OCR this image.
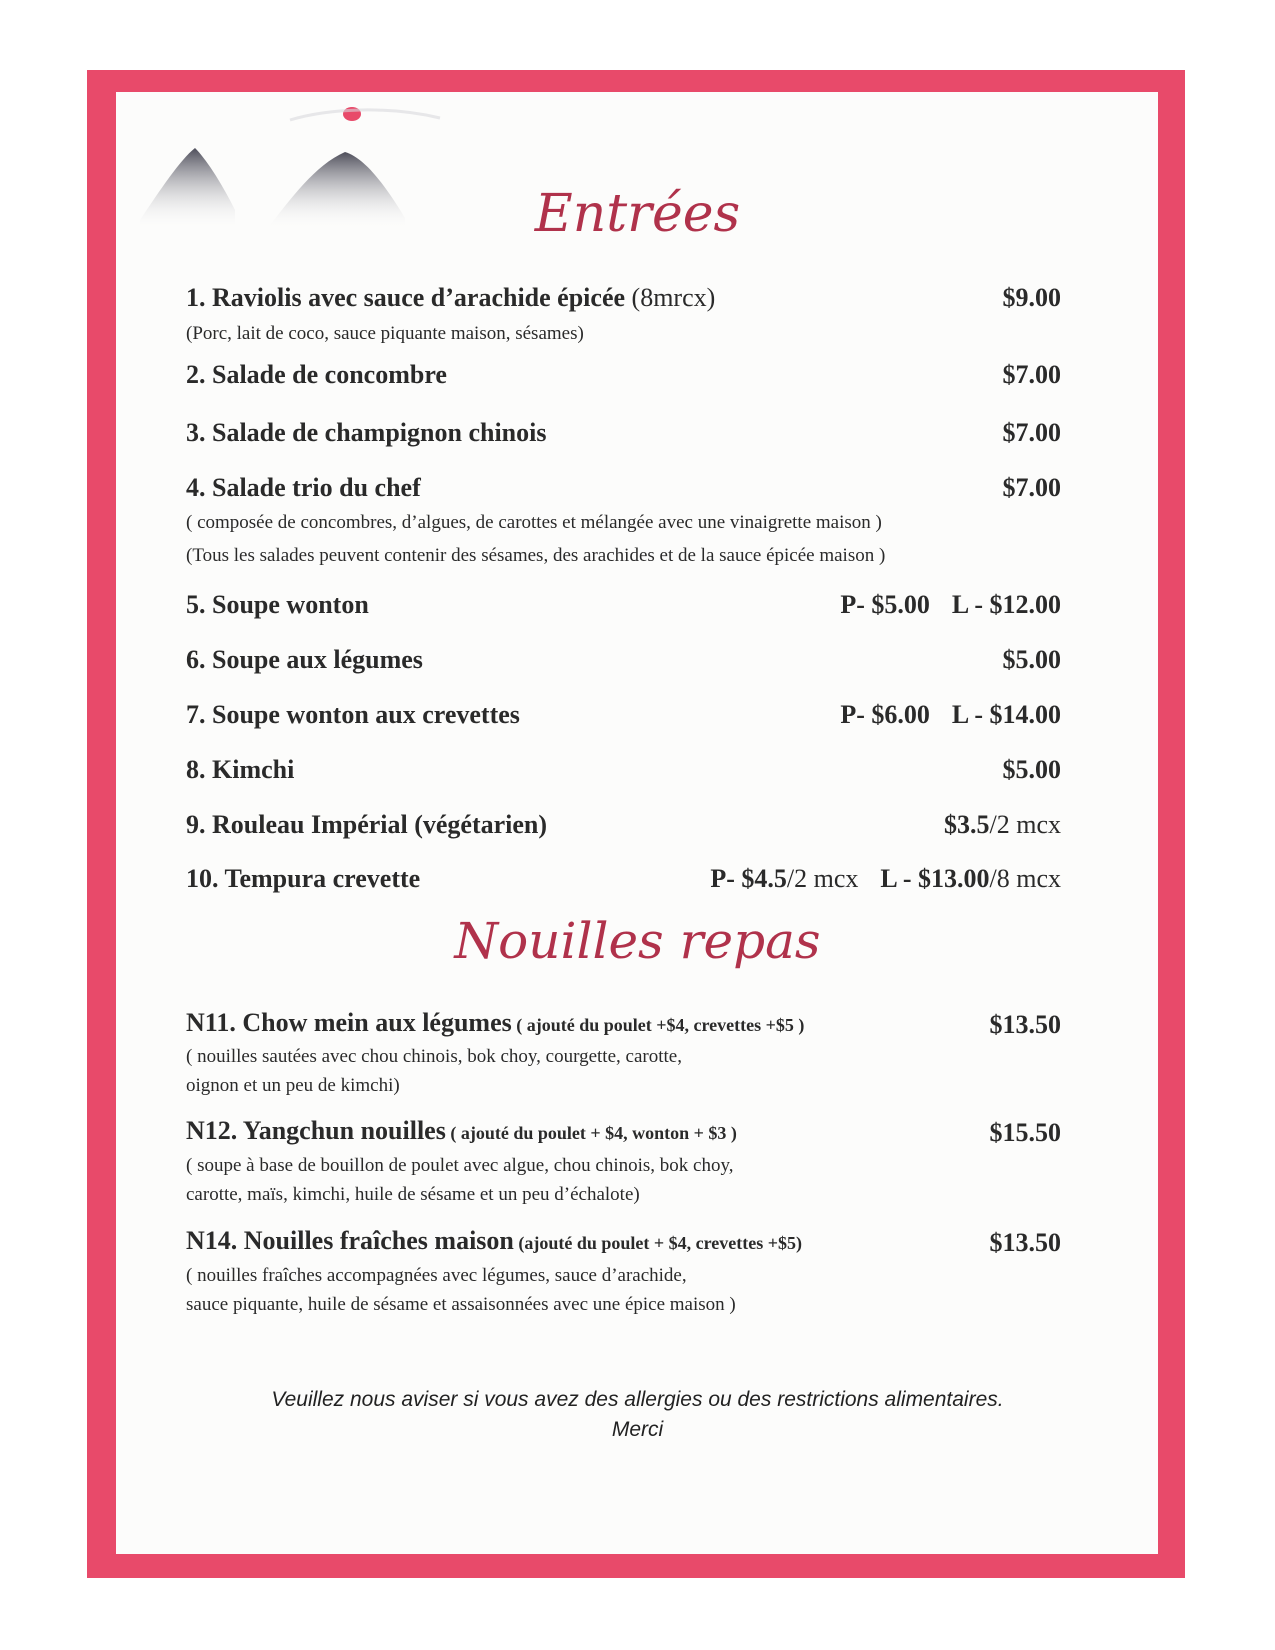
Entrées
1. Raviolis avec sauce d’arachide épicée (8mrcx)	$9.00
(Porc, lait de coco, sauce piquante maison, sésames)
2. Salade de concombre	$7.00
3. Salade de champignon chinois	$7.00
4. Salade trio du chef	$7.00
( composée de concombres, d’algues, de carottes et mélangée avec une vinaigrette maison )
(Tous les salades peuvent contenir des sésames, des arachides et de la sauce épicée maison )
5. Soupe wonton	P- $5.00 L - $12.00
6. Soupe aux légumes	$5.00
7. Soupe wonton aux crevettes	P- $6.00 L - $14.00
8. Kimchi	$5.00
9. Rouleau Impérial (végétarien)	$3.5/2 mcx
10. Tempura crevette	P- $4.5/2 mcx L - $13.00/8 mcx
Nouilles repas
N11. Chow mein aux légumes ( ajouté du poulet +$4, crevettes +$5 )	$13.50
( nouilles sautées avec chou chinois, bok choy, courgette, carotte,
oignon et un peu de kimchi)
N12. Yangchun nouilles ( ajouté du poulet + $4, wonton + $3 )	$15.50
( soupe à base de bouillon de poulet avec algue, chou chinois, bok choy,
carotte, maïs, kimchi, huile de sésame et un peu d’échalote)
N14. Nouilles fraîches maison (ajouté du poulet + $4, crevettes +$5)	$13.50
( nouilles fraîches accompagnées avec légumes, sauce d’arachide,
sauce piquante, huile de sésame et assaisonnées avec une épice maison )
Veuillez nous aviser si vous avez des allergies ou des restrictions alimentaires.
Merci
